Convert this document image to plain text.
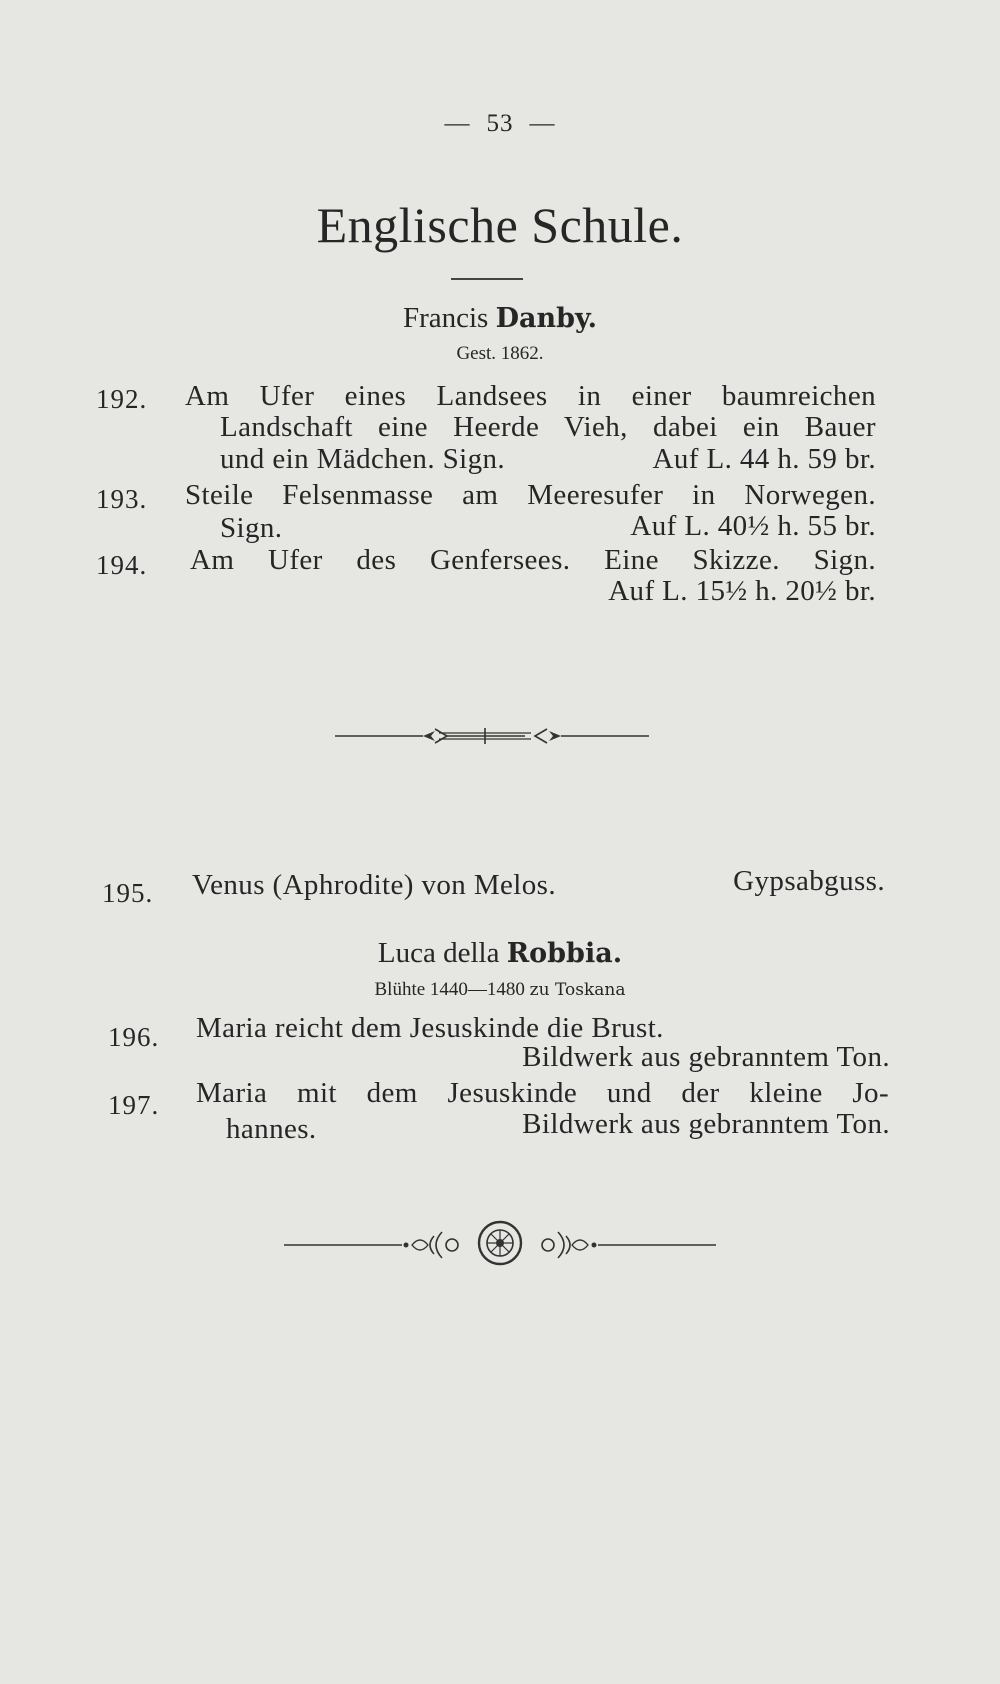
— 53 —
Englische Schule.
Francis Danby.
Gest. 1862.
192. Am Ufer eines Landsees in einer baumreichen
Landschaft eine Heerde Vieh, dabei ein Bauer
und ein Mädchen. Sign.	Auf L. 44 h. 59 br.
193. Steile Felsenmasse am Meeresufer in Norwegen.
Sign.	Auf L. 40½ h. 55 br.
194. Am Ufer des Genfersees. Eine Skizze. Sign.
Auf L. 15½ h. 20½ br.
195. Venus (Aphrodite) von Melos.	Gypsabguss.
Luca della Robbia.
Blühte 1440—1480 zu Toskana
196. Maria reicht dem Jesuskinde die Brust.
Bildwerk aus gebranntem Ton.
197. Maria mit dem Jesuskinde und der kleine Jo-
hannes.	Bildwerk aus gebranntem Ton.
